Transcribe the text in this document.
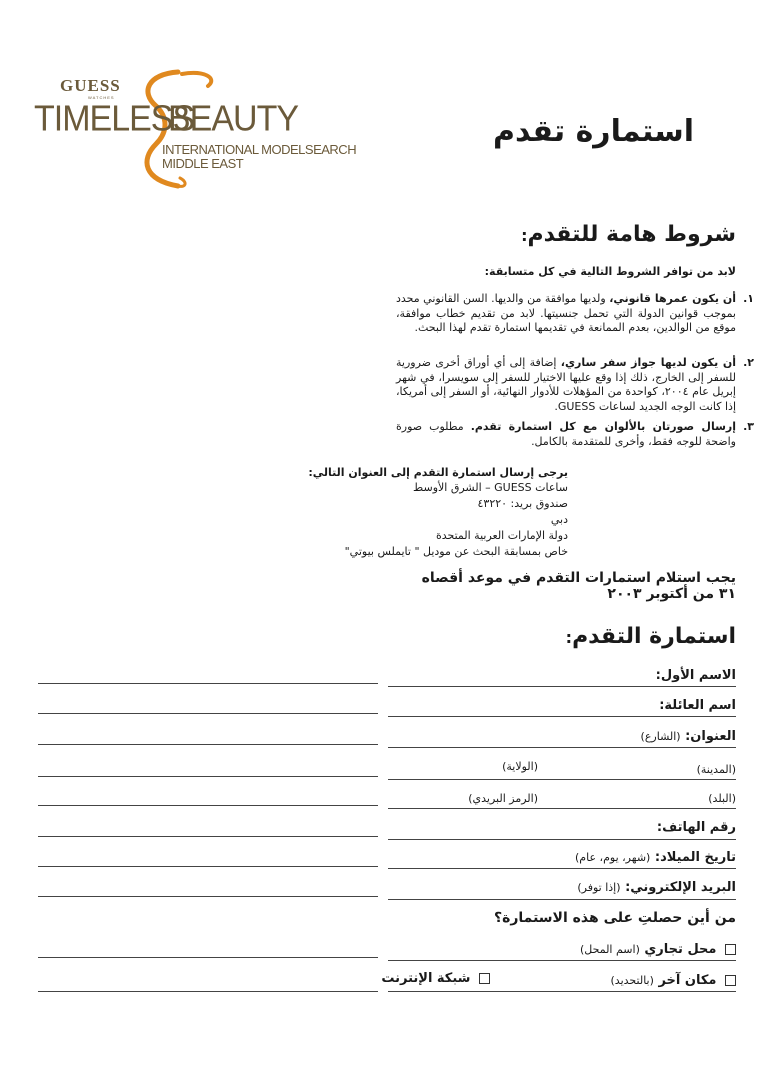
GUESS
WATCHES
TIMELESS
BEAUTY
INTERNATIONAL MODELSEARCH
MIDDLE EAST
استمارة تقدم
شروط هامة للتقدم:
لابد من توافر الشروط التالية في كل متسابقة:
١.
أن يكون عمرها قانوني، ولديها موافقة من والديها. السن القانوني محدد بموجب قوانين الدولة التي تحمل جنسيتها. لابد من تقديم خطاب موافقة، موقع من الوالدين، بعدم الممانعة في تقديمها استمارة تقدم لهذا البحث.
٢.
أن يكون لديها جواز سفر ساري، إضافة إلى أي أوراق أخرى ضرورية للسفر إلى الخارج، ذلك إذا وقع عليها الاختيار للسفر إلى سويسرا، في شهر إبريل عام ٢٠٠٤، كواحدة من المؤهلات للأدوار النهائية، أو السفر إلى أمريكا، إذا كانت الوجه الجديد لساعات GUESS.
٣.
إرسال صورتان بالألوان مع كل استمارة تقدم. مطلوب صورة واضحة للوجه فقط، وأخرى للمتقدمة بالكامل.
يرجى إرسال استمارة التقدم إلى العنوان التالي:
ساعات GUESS – الشرق الأوسط
صندوق بريد: ٤٣٢٢٠
دبي
دولة الإمارات العربية المتحدة
خاص بمسابقة البحث عن موديل " تايملس بيوتي"
يجب استلام استمارات التقدم في موعد أقصاه
٣١ من أكتوبر ٢٠٠٣
استمارة التقدم:
الاسم الأول:
اسم العائلة:
العنوان: (الشارع)
(المدينة)
(الولاية)
(البلد)
(الرمز البريدي)
رقم الهاتف:
تاريخ الميلاد: (شهر، يوم، عام)
البريد الإلكتروني: (إذا توفر)
من أين حصلتِ على هذه الاستمارة؟
محل تجاري (اسم المحل)
مكان آخر (بالتحديد)
شبكة الإنترنت
